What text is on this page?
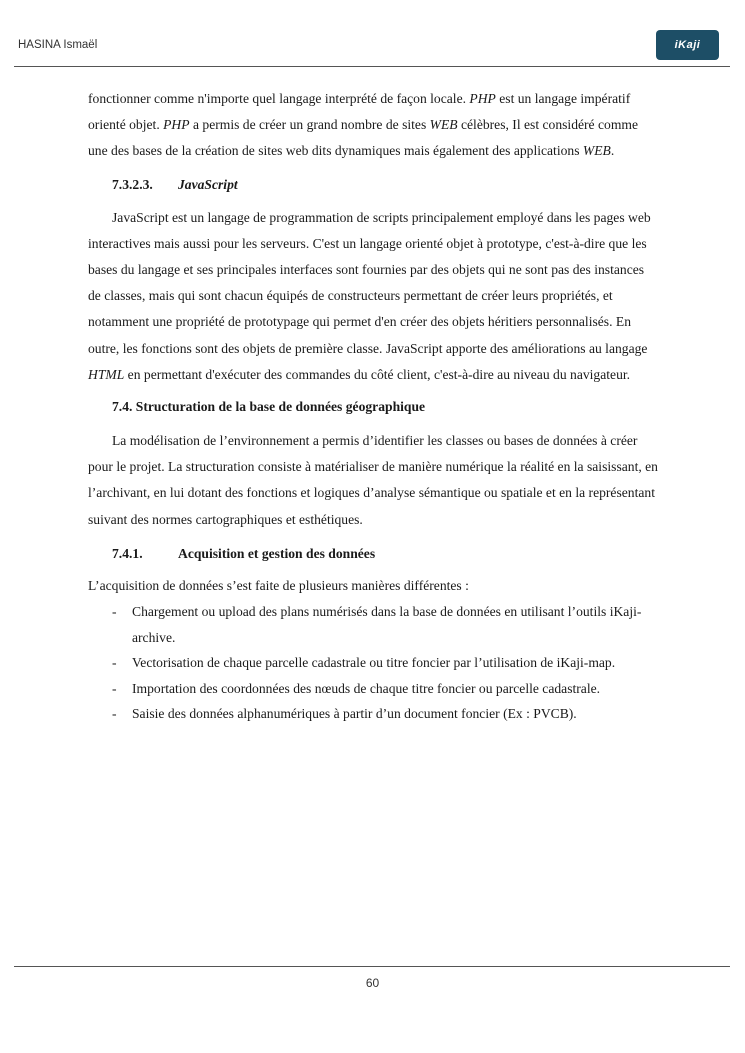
HASINA Ismaël	iKaji

fonctionner comme n'importe quel langage interprété de façon locale. PHP est un langage impératif orienté objet. PHP a permis de créer un grand nombre de sites WEB célèbres, Il est considéré comme une des bases de la création de sites web dits dynamiques mais également des applications WEB.

7.3.2.3. JavaScript

JavaScript est un langage de programmation de scripts principalement employé dans les pages web interactives mais aussi pour les serveurs. C'est un langage orienté objet à prototype, c'est-à-dire que les bases du langage et ses principales interfaces sont fournies par des objets qui ne sont pas des instances de classes, mais qui sont chacun équipés de constructeurs permettant de créer leurs propriétés, et notamment une propriété de prototypage qui permet d'en créer des objets héritiers personnalisés. En outre, les fonctions sont des objets de première classe. JavaScript apporte des améliorations au langage HTML en permettant d'exécuter des commandes du côté client, c'est-à-dire au niveau du navigateur.

7.4. Structuration de la base de données géographique

La modélisation de l’environnement a permis d’identifier les classes ou bases de données à créer pour le projet. La structuration consiste à matérialiser de manière numérique la réalité en la saisissant, en l’archivant, en lui dotant des fonctions et logiques d’analyse sémantique ou spatiale et en la représentant suivant des normes cartographiques et esthétiques.

7.4.1.	Acquisition et gestion des données

L’acquisition de données s’est faite de plusieurs manières différentes :

- Chargement ou upload des plans numérisés dans la base de données en utilisant l’outils iKaji-archive.
- Vectorisation de chaque parcelle cadastrale ou titre foncier par l’utilisation de iKaji-map.
- Importation des coordonnées des nœuds de chaque titre foncier ou parcelle cadastrale.
- Saisie des données alphanumériques à partir d’un document foncier (Ex : PVCB).
60
